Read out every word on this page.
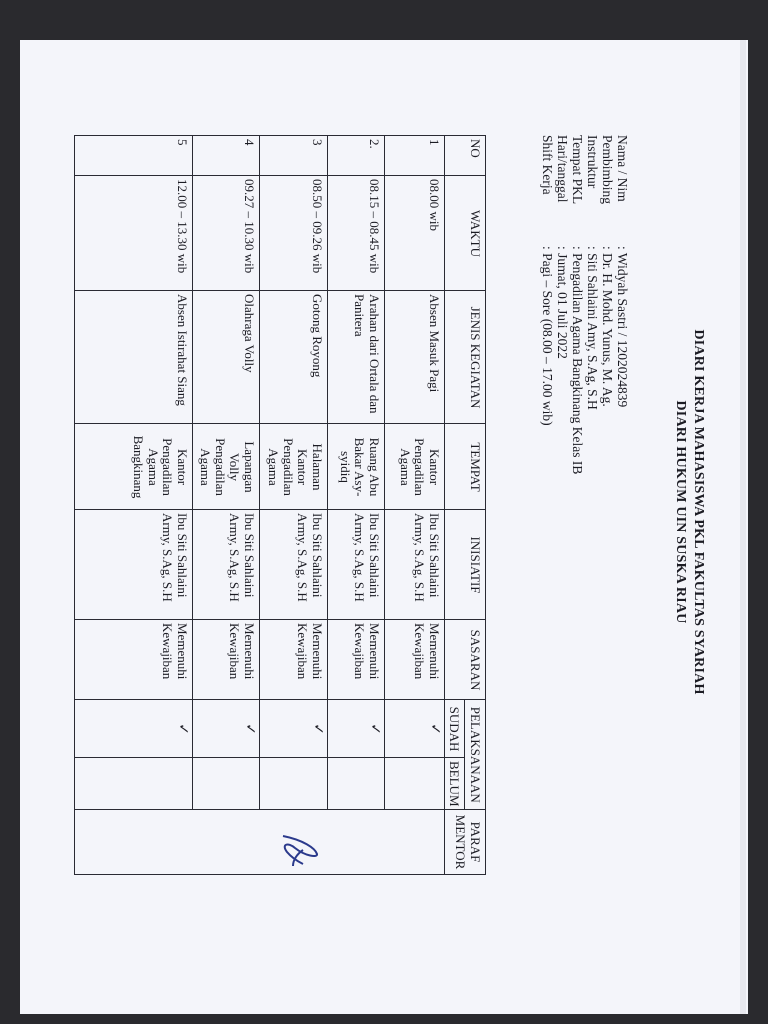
DIARI KERJA MAHASISWA PKL FAKULTAS SYARIAH
DIARI HUKUM UIN SUSKA RIAU
Nama / Nim
: Widyah Sastri / 1202024839
Pembimbing
: Dr. H. Mohd. Yunus, M. Ag.
Instruktur
: Siti Sahlaini Amy, S.Ag, S.H
Tempat PKL
: Pengadilan Agama Bangkinang Kelas IB
Hari/tanggal
: Jumat, 01 Juli 2022
Shift Kerja
: Pagi – Sore (08.00 – 17.00 wib)
NO	WAKTU	JENIS KEGIATAN	TEMPAT	INISIATIF	SASARAN	PELAKSANAAN		PARAF MENTOR
						SUDAH	BELUM	
1	08.00 wib	Absen Masuk Pagi	Kantor Pengadilan Agama	Ibu Siti Sahlaini Army, S.Ag, S.H	Memenuhi Kewajiban	✓		
2.	08.15 – 08.45 wib	Arahan dari Ortala dan Panitera	Ruang Abu Bakar Asy-syidiq	Ibu Siti Sahlaini Army, S.Ag, S.H	Memenuhi Kewajiban	✓		
3	08.50 – 09.26 wib	Gotong Royong	Halaman Kantor Pengadilan Agama	Ibu Siti Sahlaini Army, S.Ag, S.H	Memenuhi Kewajiban	✓		
4	09.27 – 10.30 wib	Olahraga Volly	Lapangan Volly Pengadilan Agama	Ibu Siti Sahlaini Army, S.Ag, S.H	Memenuhi Kewajiban	✓		
5	12.00 – 13.30 wib	Absen Istirahat Siang	Kantor Pengadilan Agama Bangkinang	Ibu Siti Sahlaini Army, S.Ag, S.H	Memenuhi Kewajiban	✓		
